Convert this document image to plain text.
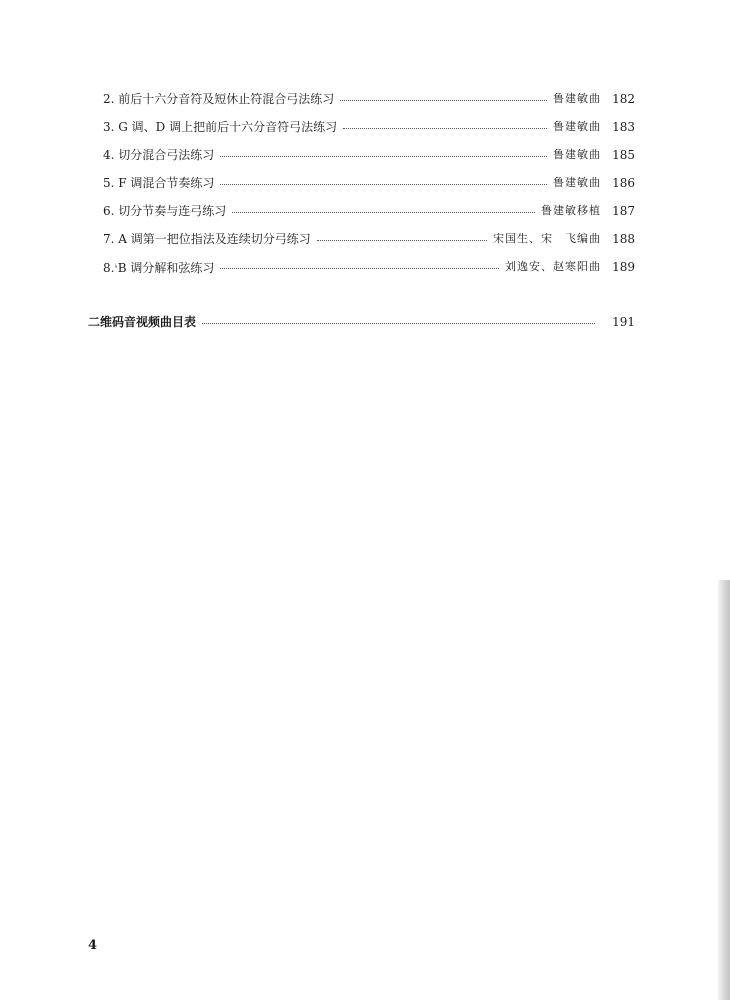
2. 前后十六分音符及短休止符混合弓法练习	鲁建敏曲 182
3. G 调、D 调上把前后十六分音符弓法练习	鲁建敏曲 183
4. 切分混合弓法练习	鲁建敏曲 185
5. F 调混合节奏练习	鲁建敏曲 186
6. 切分节奏与连弓练习	鲁建敏移植 187
7. A 调第一把位指法及连续切分弓练习	宋国生、宋　飞编曲 188
8.♭B 调分解和弦练习	刘逸安、赵寒阳曲 189
二维码音视频曲目表	191
4
